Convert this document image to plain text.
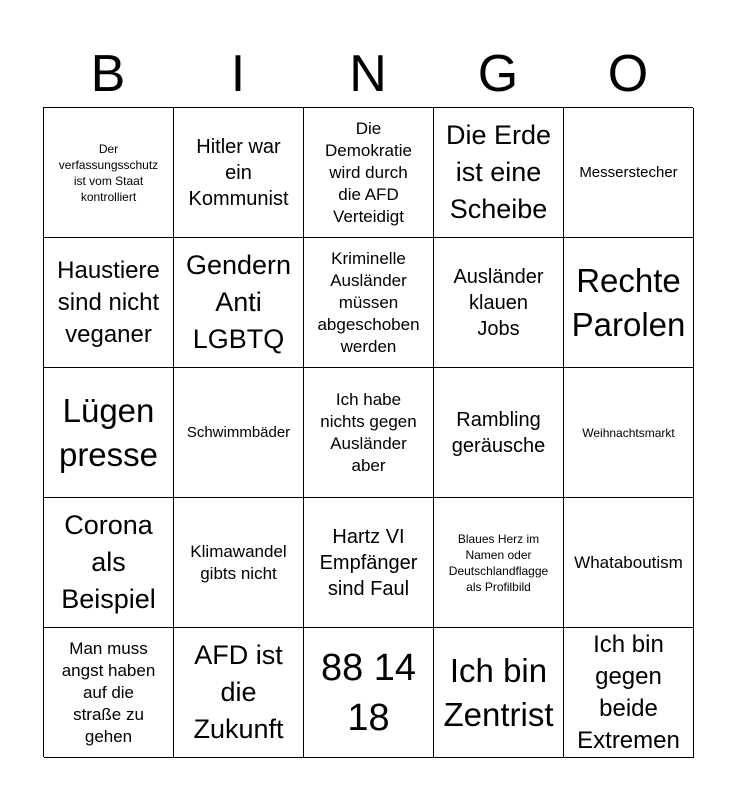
B	I	N	G	O
Der
verfassungsschutz
ist vom Staat
kontrolliert
Hitler war
ein
Kommunist
Die
Demokratie
wird durch
die AFD
Verteidigt
Die Erde
ist eine
Scheibe
Messerstecher
Haustiere
sind nicht
veganer
Gendern
Anti
LGBTQ
Kriminelle
Ausländer
müssen
abgeschoben
werden
Ausländer
klauen
Jobs
Rechte
Parolen
Lügen
presse
Schwimmbäder
Ich habe
nichts gegen
Ausländer
aber
Rambling
geräusche
Weihnachtsmarkt
Corona
als
Beispiel
Klimawandel
gibts nicht
Hartz VI
Empfänger
sind Faul
Blaues Herz im
Namen oder
Deutschlandflagge
als Profilbild
Whataboutism
Man muss
angst haben
auf die
straße zu
gehen
AFD ist
die
Zukunft
88 14
18
Ich bin
Zentrist
Ich bin
gegen
beide
Extremen
